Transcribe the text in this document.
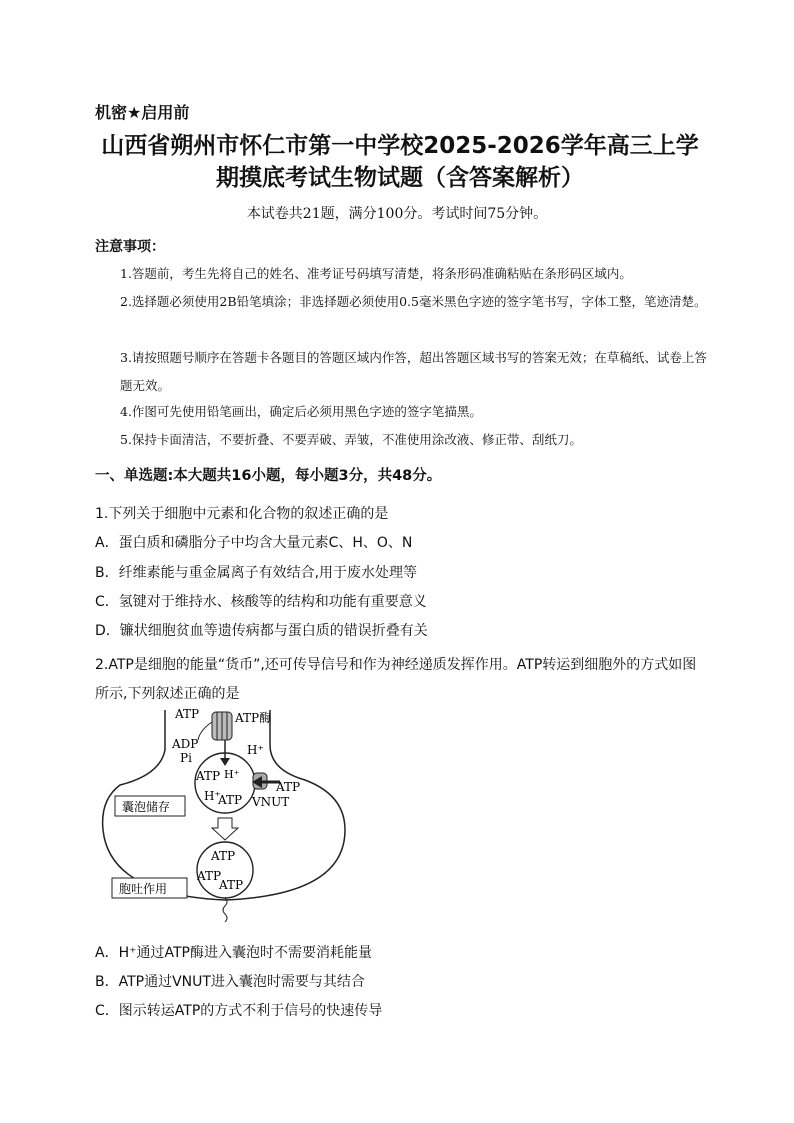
机密★启用前
山西省朔州市怀仁市第一中学校2025-2026学年高三上学
期摸底考试生物试题（含答案解析）
本试卷共21题，满分100分。考试时间75分钟。
注意事项：
1.答题前，考生先将自己的姓名、准考证号码填写清楚，将条形码准确粘贴在条形码区域内。
2.选择题必须使用2B铅笔填涂；非选择题必须使用0.5毫米黑色字迹的签字笔书写，字体工整，笔迹清楚。
3.请按照题号顺序在答题卡各题目的答题区域内作答，超出答题区域书写的答案无效；在草稿纸、试卷上答题无效。
4.作图可先使用铅笔画出，确定后必须用黑色字迹的签字笔描黑。
5.保持卡面清洁，不要折叠、不要弄破、弄皱，不准使用涂改液、修正带、刮纸刀。
一、单选题:本大题共16小题，每小题3分，共48分。
1.下列关于细胞中元素和化合物的叙述正确的是
A．蛋白质和磷脂分子中均含大量元素C、H、O、N
B．纤维素能与重金属离子有效结合,用于废水处理等
C．氢键对于维持水、核酸等的结构和功能有重要意义
D．镰状细胞贫血等遗传病都与蛋白质的错误折叠有关
2.ATP是细胞的能量“货币”,还可传导信号和作为神经递质发挥作用。ATP转运到细胞外的方式如图所示,下列叙述正确的是
ATP	ATP酶
ADP
Pi
H⁺
ATP H⁺
H⁺
ATP
ATP
VNUT
囊泡储存
ATP
ATP
ATP
胞吐作用
A．H⁺通过ATP酶进入囊泡时不需要消耗能量
B．ATP通过VNUT进入囊泡时需要与其结合
C．图示转运ATP的方式不利于信号的快速传导
